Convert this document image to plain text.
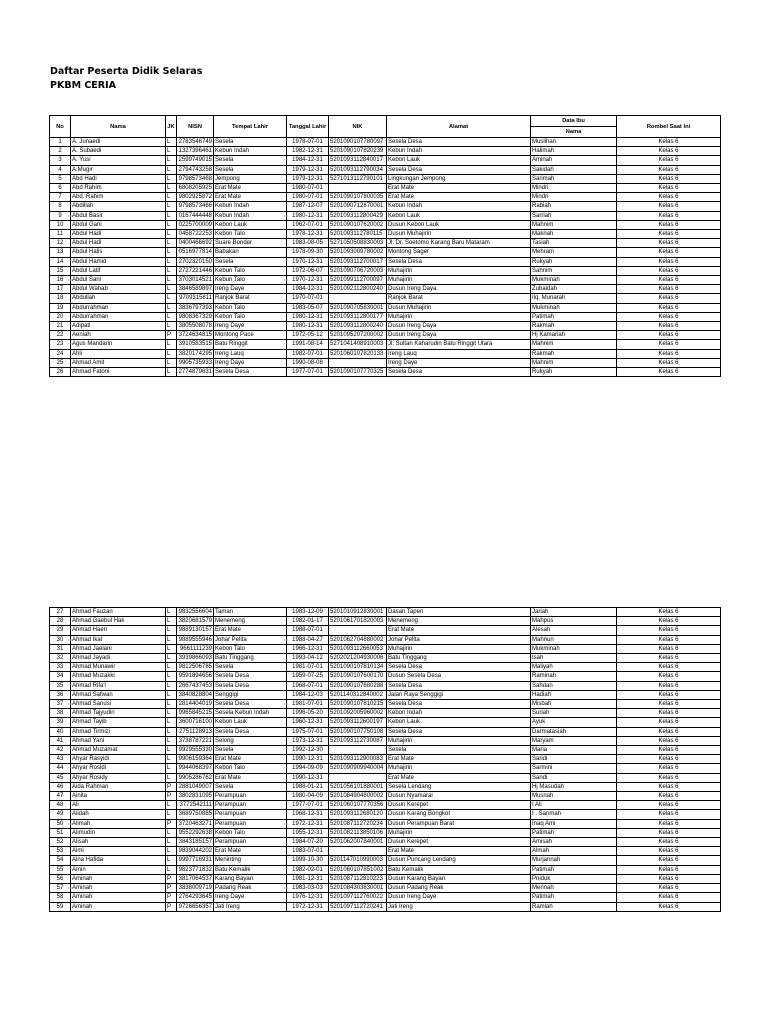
Daftar Peserta Didik Selaras
PKBM CERIA
No	Nama	JK	NISN	Tempat Lahir	Tanggal Lahir	NIK	Alamat	Data Ibu	Rombel Saat Ini
								Nama	
1	A. Junaedi	L	2783546749	Sesela	1978-07-01	5201090107780097	Sesela Desa	Muslihan	Kelas 6
2	A. Subaedi	L	1327396461	Kebun Indah	1982-12-31	5201090107820239	Kebun Indah	Halimah	Kelas 6
3	A. Yusi	L	2599749015	Sesela	1984-12-31	5201093112840017	Kebon Lauk	Aminah	Kelas 6
4	A.Mugir	L	2794743258	Sesela	1979-12-31	5201093112790034	Sesela Desa	Sakidah	Kelas 6
5	Abd Hadi	L	9798573468	Jempong	1979-12-31	5271013112790101	Lingkungan Jempong	Sarimah	Kelas 6
6	Abd Rahim	L	6808205925	Erat Mate	1980-07-01		Erat Mate	Mindri	Kelas 6
7	Abd. Rahim	L	9802925872	Erat Mate	1980-07-01	5201090107800035	Erat Mate	Mindri	Kelas 6
8	Abdillah	L	9798573466	Kebun Indah	1987-12-07	5201090712870001	Kebun Indah	Rabiah	Kelas 6
9	Abdul Basir	L	0167444448	Kebun Indah	1980-12-31	5201093112800429	Kebon Lauk	Sarriah	Kelas 6
10	Abdul Gani	L	0225700009	Kebon Lauk	1962-07-01	5201090107620002	Dusun Kebon Lauk	Mahnim	Kelas 6
11	Abdul Hadi	L	0458722253	Kebon Talo	1978-12-31	5201093112780115	Dusun Muhajirin	Maknah	Kelas 6
12	Abdul Hadi	L	0400466692	Suare Bonder	1983-08-05	5271050508830003	Jl. Dr. Soetomo Karang Baru Mataram	Tasiah	Kelas 6
13	Abdul Halis	L	0516977814	Babakan	1978-09-30	5201093009780002	Montong Sager	Mehram	Kelas 6
14	Abdul Hamid	L	2702320150	Sesela	1970-12-31	5201093112700017	Sesela Desa	Rukyah	Kelas 6
15	Abdul Latif	L	2727221446	Kebun Talo	1972-06-07	5201090706720003	Muhajirin	Sahnim	Kelas 6
16	Abdul Sani	L	3703014521	Kebun Talo	1970-12-31	5201099112700097	Muhajirin	Mukminah	Kelas 6
17	Abdul Wahab	L	3846589897	Ireng Daye	1984-12-31	5201092112800240	Dusun Ireng Daya	Zubaidah	Kelas 6
18	Abdullah	L	9709315811	Ranjok Barat	1970-07-01		Ranjok Barat	Ilq. Munarah	Kelas 6
19	Abdurrahman	L	3836797393	Kebon Talo	1983-05-07	5201090705830001	Dusun Muhajirin	Mukminah	Kelas 6
20	Abdurrahman	L	9808367329	Kebon Talo	1980-12-31	5201093112800177	Muhajirin	Patimah	Kelas 6
21	Adipati	L	3805508078	Ireng Daye	1980-12-31	5201093112800240	Dusun Ireng Daya	Rakmah	Kelas 6
22	Aeniah	P	3724634815	Montong Pace	1972-05-12	5201095207200002	Dusun Ireng Daya	Hj Kamariah	Kelas 6
23	Agus Mandarin	L	3910583515	Batu Ringgit	1991-08-14	5271041408910003	Jl. Sultan Kaharudin Batu Ringgit Utara	Mahnim	Kelas 6
24	Ahli	L	3820174295	Ireng Lauq	1982-07-01	5201060107820133	Ireng Lauq	Rakmah	Kelas 6
25	Ahmad Amit	L	9905735933	Ireng Daye	1990-08-08		Ireng Daye	Mahnim	Kelas 6
26	Ahmad Fatoni	L	2774879631	Sesela Desa	1977-07-01	5201090107770325	Sesela Desa	Rukyah	Kelas 6
27	Ahmad Fauzan	L	9832556604	Taman	1983-12-09	5201010912830001	Dasan Tapen	Jariah	Kelas 6
28	Ahmad Gaebul Hak	L	3820681579	Menemeng	1982-01-17	5201061701820003	Menemeng	Mahpus	Kelas 6
29	Ahmad Haeri	L	9889130157	Erat Mate	1988-07-01		Erat Mate	Alesah	Kelas 6
30	Ahmad Ikal	L	9889555946	Johar Pelita	1988-04-27	5201062704880002	Johar Pelita	Mahnun	Kelas 6
31	Ahmad Jaelani	L	9661111239	Kebon Talo	1966-12-31	5201093112660053	Muhajirin	Mukminah	Kelas 6
32	Ahmad Jayadi	L	3939866093	Batu Tinggang	1993-04-12	5202021204930006	Batu Tinggang	Isah	Kelas 6
33	Ahmad Munawir	L	9812506785	Sesela	1981-07-01	5201090107810134	Sesela Desa	Maliyah	Kelas 6
34	Ahmad Muzakki	L	9591894656	Sesela Desa	1959-07-25	5201090107600170	Dusun Sesela Desa	Raminah	Kelas 6
35	Ahmad Rifa'i	L	2667437453	Sesela Desa	1968-07-01	5201090107680288	Sesela Desa	Sahdan	Kelas 6
36	Ahmad Safwan	L	3840828804	Senggigi	1984-12-03	5201140312840002	Jalan Raya Senggigi	Hadiah	Kelas 6
37	Ahmad Sanusi	L	2814404019	Sesela Desa	1981-07-01	5201090107810215	Sesela Desa	Misbah	Kelas 6
38	Ahmad Tajyudin	L	9965845215	Sesela Kebun Indah	1996-05-20	5201092005960002	Kebon Indah	Suriah	Kelas 6
39	Ahmad Tayib	L	3600716100	Kebon Lauk	1960-12-31	5201093112600197	Kebon Lauk	Ayuk	Kelas 6
40	Ahmad Tirmizi	L	2751128913	Sesela Desa	1975-07-01	5201090107750108	Sesela Desa	Darmatasiah	Kelas 6
41	Ahmad Yani	L	3738787221	Selong	1973-12-31	5201093112730087	Muhajirin	Maryam	Kelas 6
42	Ahmad Muzamat	L	9929555330	Sesela	1992-12-30		Sesela	Maria	Kelas 6
43	Ahyar Rasyidi	L	9906159364	Erat Mate	1990-12-31	5201093112900083	Erat Mate	Saridi	Kelas 6
44	Ahyar Rosidi	L	9944068397	Kebon Talo	1994-09-09	5201090909940004	Muhajirin	Sarmini	Kelas 6
45	Ahyar Rosidy	L	9905286762	Erat Mate	1990-12-31		Erat Mate	Sandi	Kelas 6
46	Aida Rahman	P	2881049007	Sesela	1988-01-21	5201056101880001	Sesela Lendang	Hj Masudah	Kelas 6
47	Ainita	P	3802831095	Perampuan	1980-04-09	5201084904800002	Dusun Nyamarai	Musnah	Kelas 6
48	Ali	L	3772542111	Perampuan	1977-07-01	5201060107770356	Dusun Kerepet	I Ali	Kelas 6
49	Alidah	L	3689750885	Perampuan	1968-12-31	5201093112680120	Dusun Karang Bongkot	I . Sanmah	Kelas 6
50	Alimah	P	3720463271	Perampuan	1972-12-31	5201087112720234	Dusun Perampuan Barat	Inaq Ami	Kelas 6
51	Alimudin	L	9552292638	Kebon Talo	1955-12-31	5201082113850106	Muhajirin	Patimah	Kelas 6
52	Alisah	L	3843185157	Perampuan	1984-07-20	5201062007840001	Dusun Kerepet	Amisah	Kelas 6
53	Almi	L	9839044202	Erat Mate	1983-07-01		Erat Mate	Almah	Kelas 6
54	Alna Hafida	L	9997716931	Meninting	1999-10-30	5201147010990003	Dusun Puncang Lendang	Murjannah	Kelas 6
55	Amin	L	9823771832	Batu Kemalik	1982-02-01	5201060107851002	Batu Kemalik	Patimah	Kelas 6
56	Aminah	P	3817064537	Karang Bayan	1981-12-31	5201087112810223	Dusun Karang Bayan	Pniduk	Kelas 6
57	Aminah	P	3838009719	Padang Reak	1983-03-03	5201084303830001	Dusun Padang Reak	Merinah	Kelas 6
58	Aminah	P	2764293645	Ireng Daye	1976-12-31	5201097112760022	Dusun Ireng Daye	Patimah	Kelas 6
59	Aminah	P	9726656357	Jati Ireng	1972-12-31	5201097112720241	Jati Ireng	Ramlah	Kelas 6
